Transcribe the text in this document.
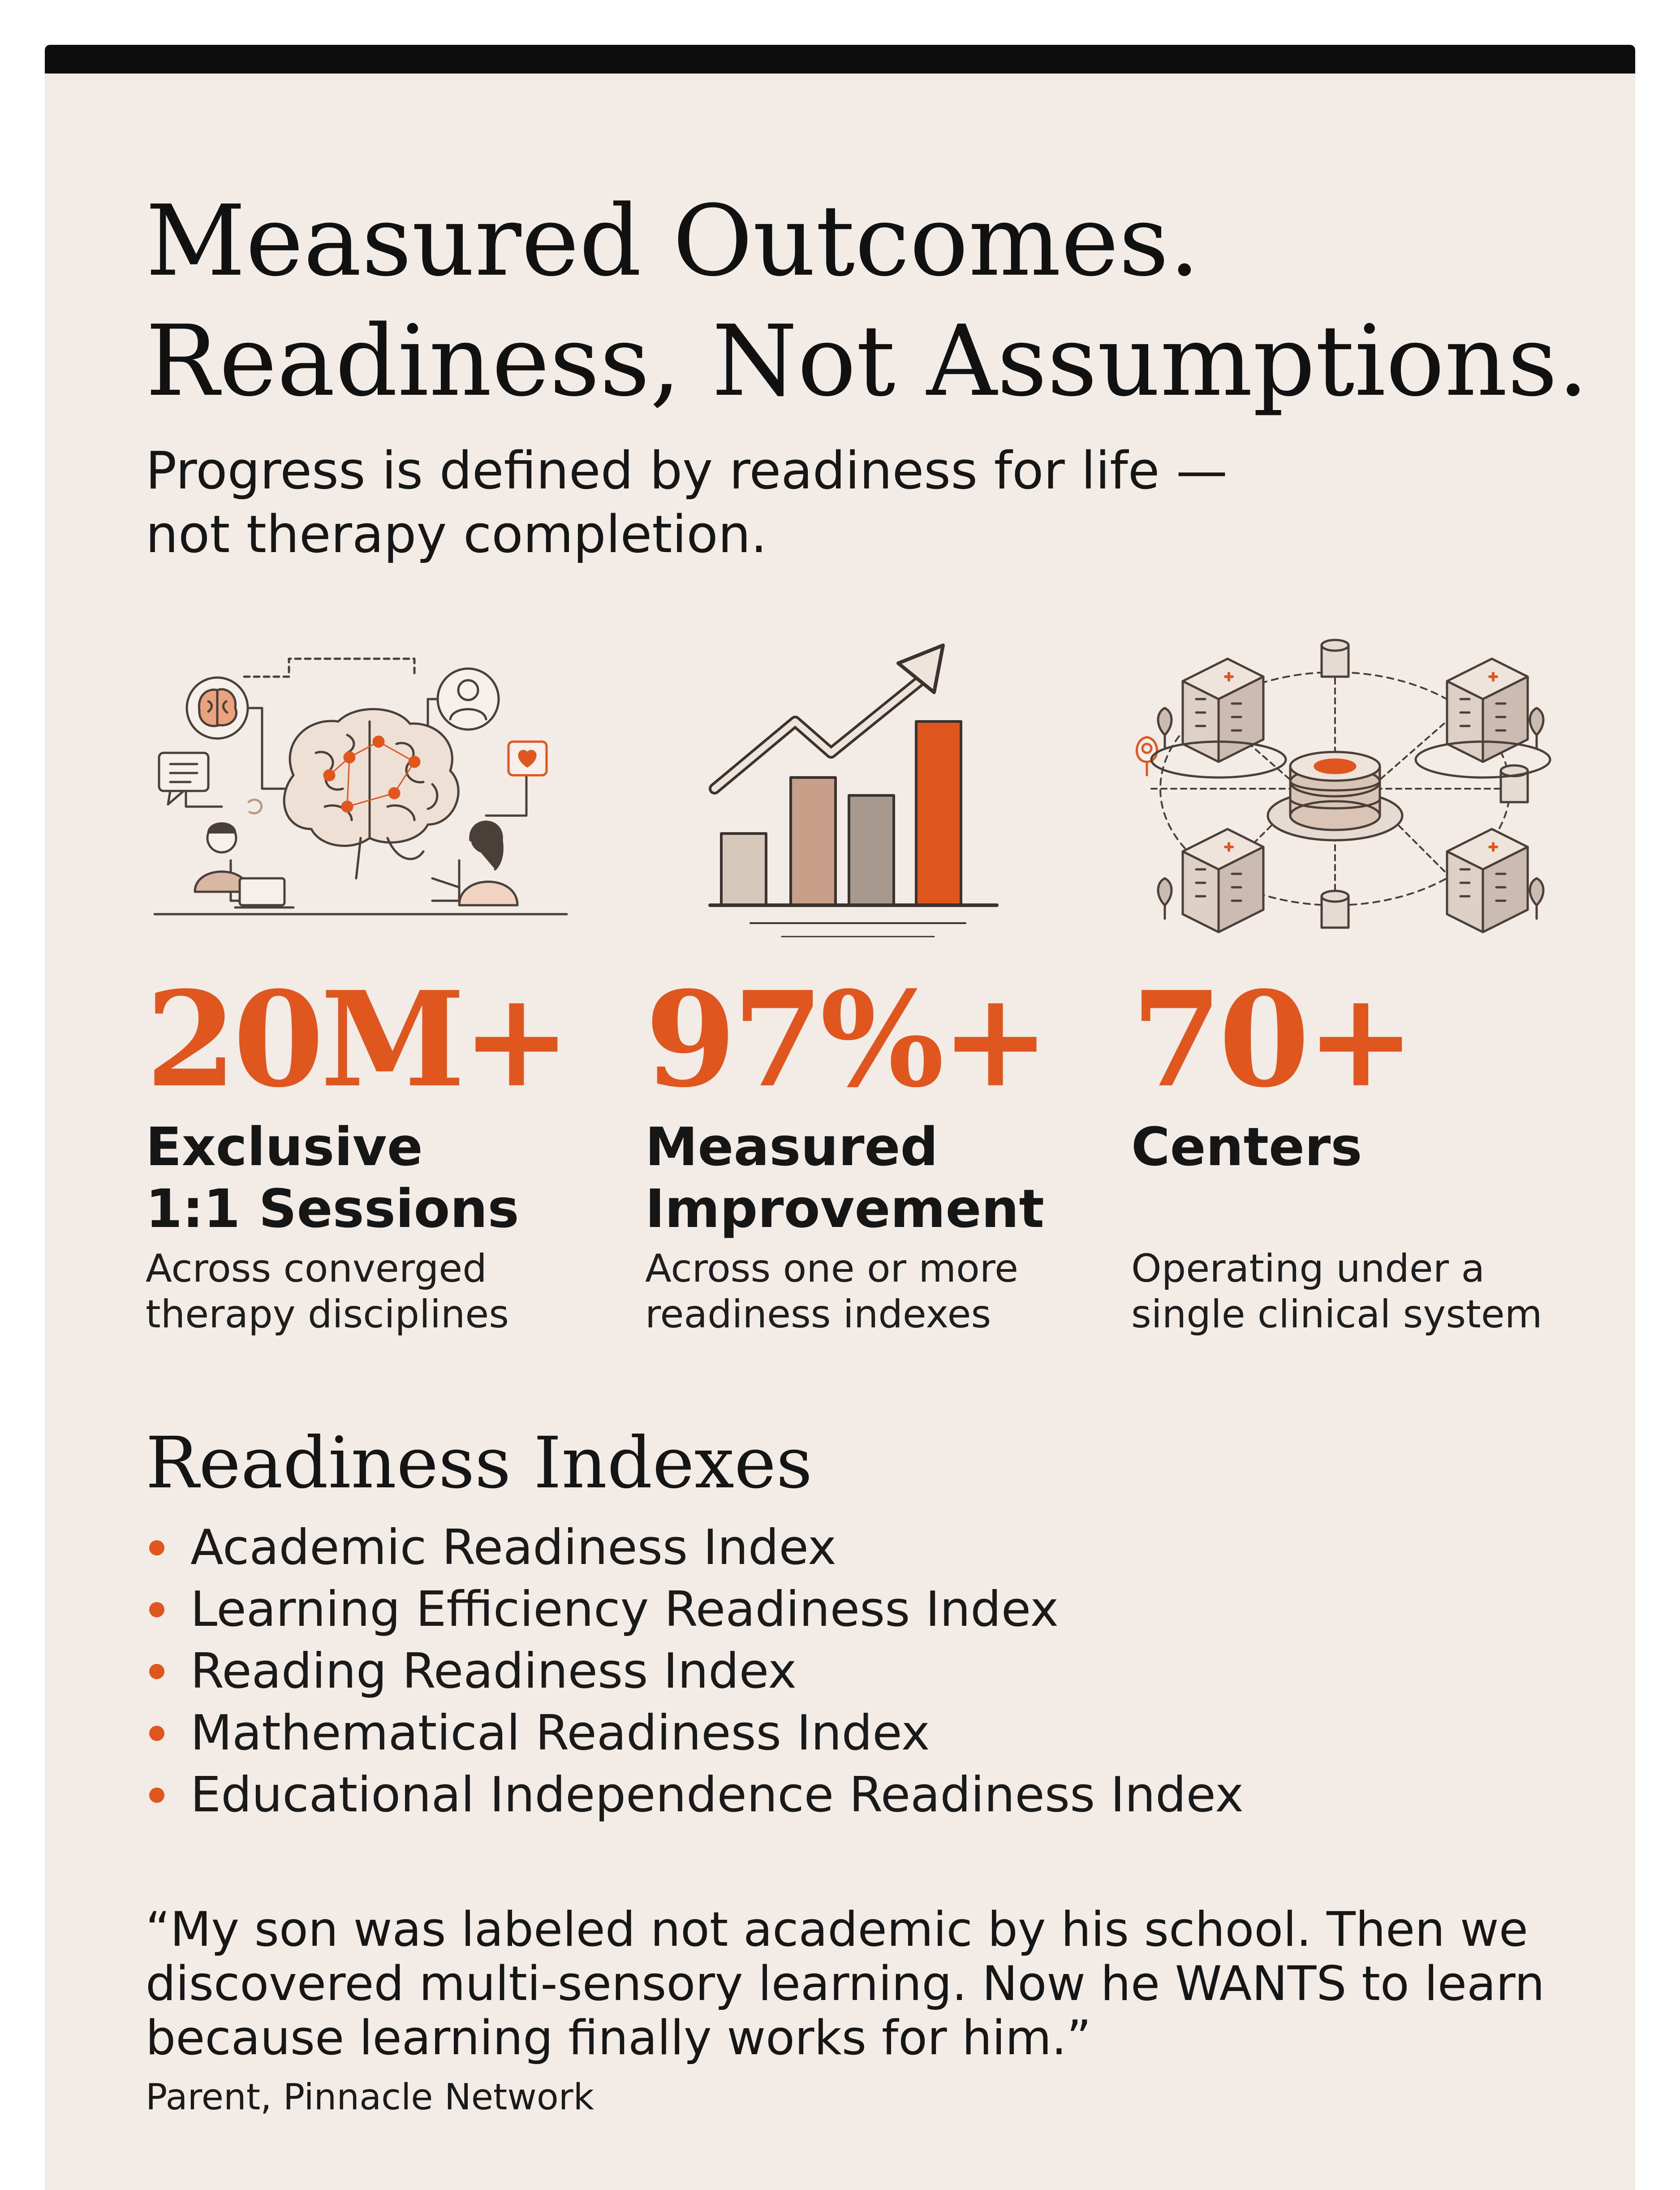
Measured Outcomes.
Readiness, Not Assumptions.
Progress is defined by readiness for life —
not therapy completion.
20M+
Exclusive
1:1 Sessions
Across converged
therapy disciplines
97%+
Measured
Improvement
Across one or more
readiness indexes
70+
Centers
Operating under a
single clinical system
Readiness Indexes
Academic Readiness Index
Learning Efficiency Readiness Index
Reading Readiness Index
Mathematical Readiness Index
Educational Independence Readiness Index
“My son was labeled not academic by his school. Then we
discovered multi-sensory learning. Now he WANTS to learn
because learning finally works for him.”
Parent, Pinnacle Network
